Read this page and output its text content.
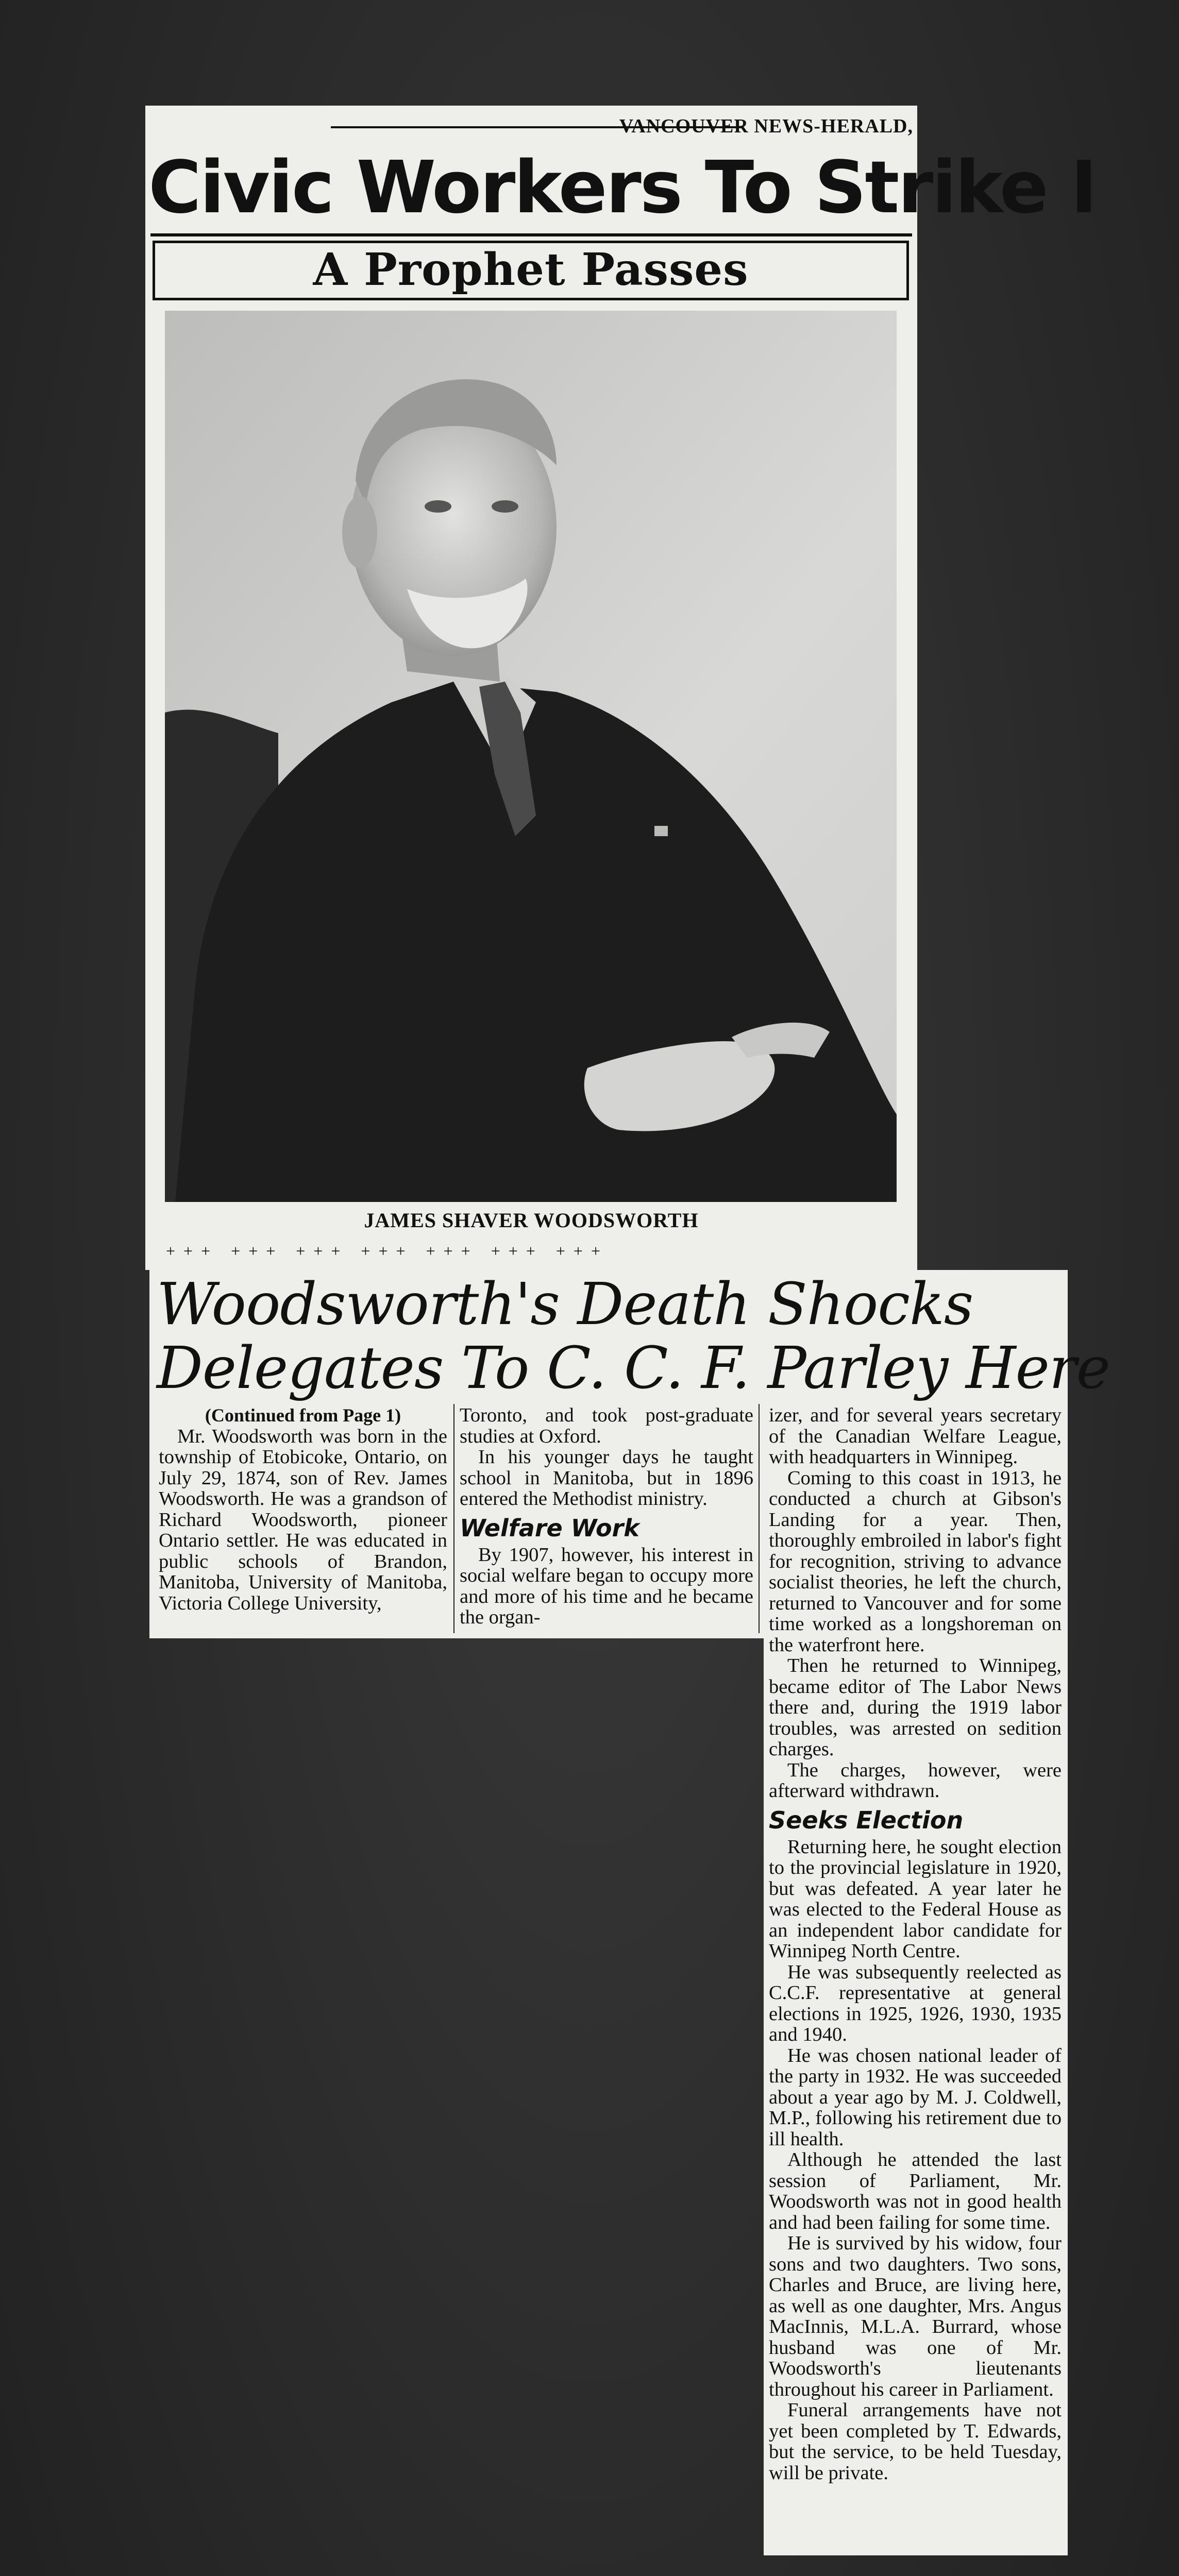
VANCOUVER NEWS-HERALD,
Civic Workers To Strike I
A Prophet Passes
JAMES SHAVER WOODSWORTH
+++ +++ +++ +++ +++ +++ +++
Woodsworth's Death Shocks
Delegates To C. C. F. Parley Here

(Continued from Page 1)

Mr. Woodsworth was born in the township of Etobicoke, Ontario, on July 29, 1874, son of Rev. James Woodsworth. He was a grandson of Richard Woodsworth, pioneer Ontario settler. He was educated in public schools of Brandon, Manitoba, University of Manitoba, Victoria College University,

Toronto, and took post-graduate studies at Oxford.

In his younger days he taught school in Manitoba, but in 1896 entered the Methodist ministry.

Welfare Work

By 1907, however, his interest in social welfare began to occupy more and more of his time and he became the organ-

izer, and for several years secretary of the Canadian Welfare League, with headquarters in Winnipeg.

Coming to this coast in 1913, he conducted a church at Gibson's Landing for a year. Then, thoroughly embroiled in labor's fight for recognition, striving to advance socialist theories, he left the church, returned to Vancouver and for some time worked as a longshoreman on the waterfront here.

Then he returned to Winnipeg, became editor of The Labor News there and, during the 1919 labor troubles, was arrested on sedition charges.

The charges, however, were afterward withdrawn.

Seeks Election

Returning here, he sought election to the provincial legislature in 1920, but was defeated. A year later he was elected to the Federal House as an independent labor candidate for Winnipeg North Centre.

He was subsequently reelected as C.C.F. representative at general elections in 1925, 1926, 1930, 1935 and 1940.

He was chosen national leader of the party in 1932. He was succeeded about a year ago by M. J. Coldwell, M.P., following his retirement due to ill health.

Although he attended the last session of Parliament, Mr. Woodsworth was not in good health and had been failing for some time.

He is survived by his widow, four sons and two daughters. Two sons, Charles and Bruce, are living here, as well as one daughter, Mrs. Angus MacInnis, M.L.A. Burrard, whose husband was one of Mr. Woodsworth's lieutenants throughout his career in Parliament.

Funeral arrangements have not yet been completed by T. Edwards, but the service, to be held Tuesday, will be private.
